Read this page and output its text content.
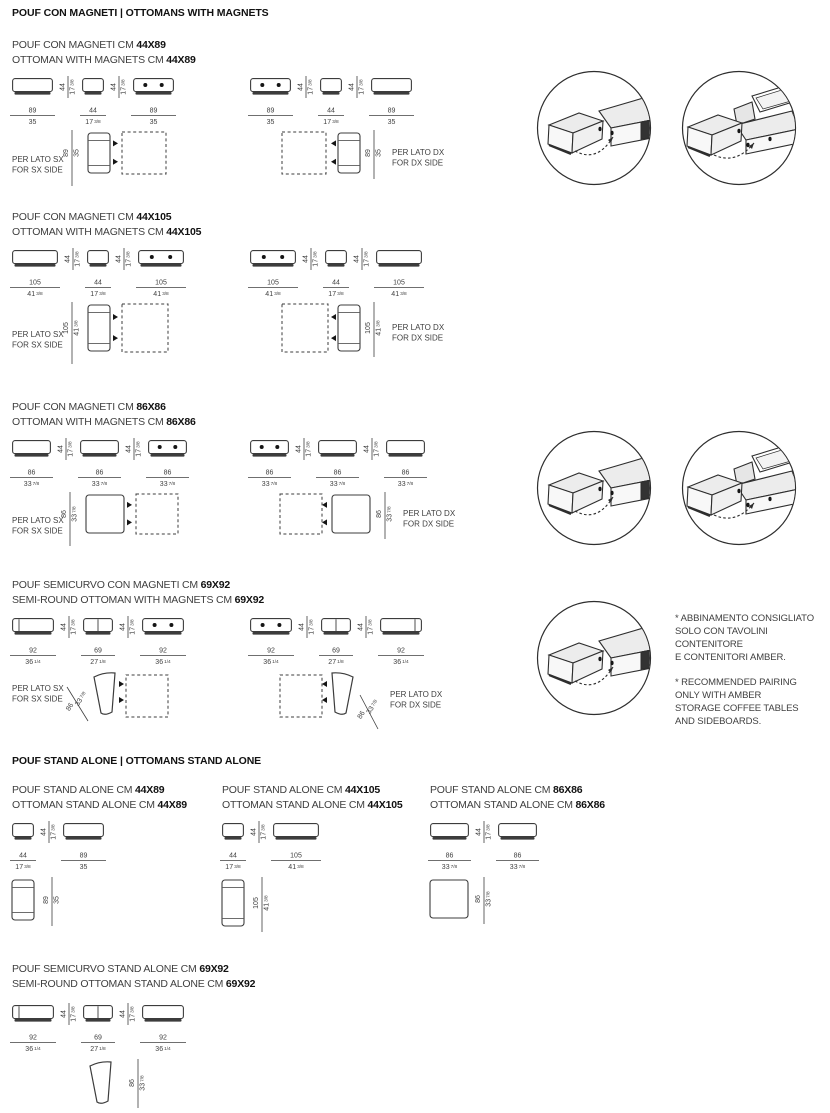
POUF CON MAGNETI | OTTOMANS WITH MAGNETS
POUF STAND ALONE | OTTOMANS STAND ALONE
POUF CON MAGNETI CM 44X89
OTTOMAN WITH MAGNETS CM 44X89
89
35
44 173/8
44
173/8
44 173/8
89
35
PER LATO SX
FOR SX SIDE
89 35
89
35
44 173/8
44
173/8
44 173/8
89
35
89 35 PER LATO DX
FOR DX SIDE
POUF CON MAGNETI CM 44X105
OTTOMAN WITH MAGNETS CM 44X105
105
413/8
44 173/8
44
173/8
44 173/8
105
413/8
PER LATO SX
FOR SX SIDE
105 413/8
105
413/8
44 173/8
44
173/8
44 173/8
105
413/8
105 413/8 PER LATO DX
FOR DX SIDE
POUF CON MAGNETI CM 86X86
OTTOMAN WITH MAGNETS CM 86X86
86
337/8
44 173/8
86
337/8
44 173/8
86
337/8
PER LATO SX
FOR SX SIDE
86 337/8
86
337/8
44 173/8
86
337/8
44 173/8
86
337/8
86 337/8 PER LATO DX
FOR DX SIDE
POUF SEMICURVO CON MAGNETI CM 69X92
SEMI-ROUND OTTOMAN WITH MAGNETS CM 69X92
92
361/4
44 173/8
69
271/8
44 173/8
92
361/4
PER LATO SX
FOR SX SIDE
86
337/8
92
361/4
44 173/8
69
271/8
44 173/8
92
361/4
86
337/8
PER LATO DX
FOR DX SIDE
POUF STAND ALONE CM 44X89
OTTOMAN STAND ALONE CM 44X89
44
173/8
44 173/8
89
35
89 35
POUF STAND ALONE CM 44X105
OTTOMAN STAND ALONE CM 44X105
44
173/8
44 173/8
105
413/8
105 413/8
POUF STAND ALONE CM 86X86
OTTOMAN STAND ALONE CM 86X86
86
337/8
44 173/8
86
337/8
86 337/8
POUF SEMICURVO STAND ALONE CM 69X92
SEMI-ROUND OTTOMAN STAND ALONE CM 69X92
92
361/4
44 173/8
69
271/8
44 173/8
92
361/4
86 337/8
* ABBINAMENTO CONSIGLIATO
SOLO CON TAVOLINI CONTENITORE
E CONTENITORI AMBER.
* RECOMMENDED PAIRING
ONLY WITH AMBER
STORAGE COFFEE TABLES
AND SIDEBOARDS.
